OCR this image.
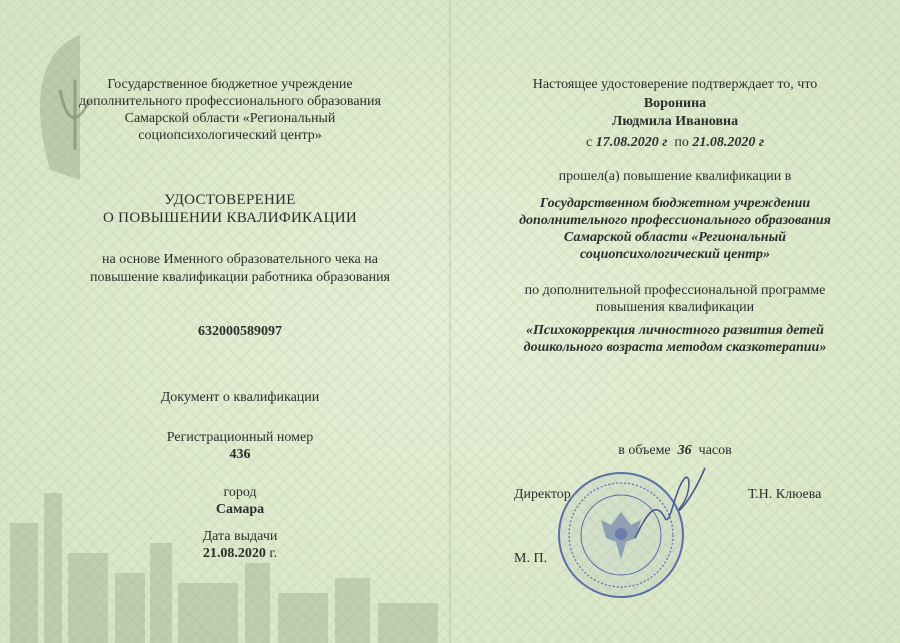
Государственное бюджетное учреждение
дополнительного профессионального образования
Самарской области «Региональный
социопсихологический центр»
УДОСТОВЕРЕНИЕ
О ПОВЫШЕНИИ КВАЛИФИКАЦИИ
на основе Именного образовательного чека на
повышение квалификации работника образования
632000589097
Документ о квалификации
Регистрационный номер
436
город
Самара
Дата выдачи
21.08.2020 г.
Настоящее удостоверение подтверждает то, что
Воронина
Людмила Ивановна
с 17.08.2020 г по 21.08.2020 г
прошел(а) повышение квалификации в
Государственном бюджетном учреждении
дополнительного профессионального образования
Самарской области «Региональный
социопсихологический центр»
по дополнительной профессиональной программе
повышения квалификации
«Психокоррекция личностного развития детей
дошкольного возраста методом сказкотерапии»
в объеме 36 часов
Директор	Т.Н. Клюева
М. П.
